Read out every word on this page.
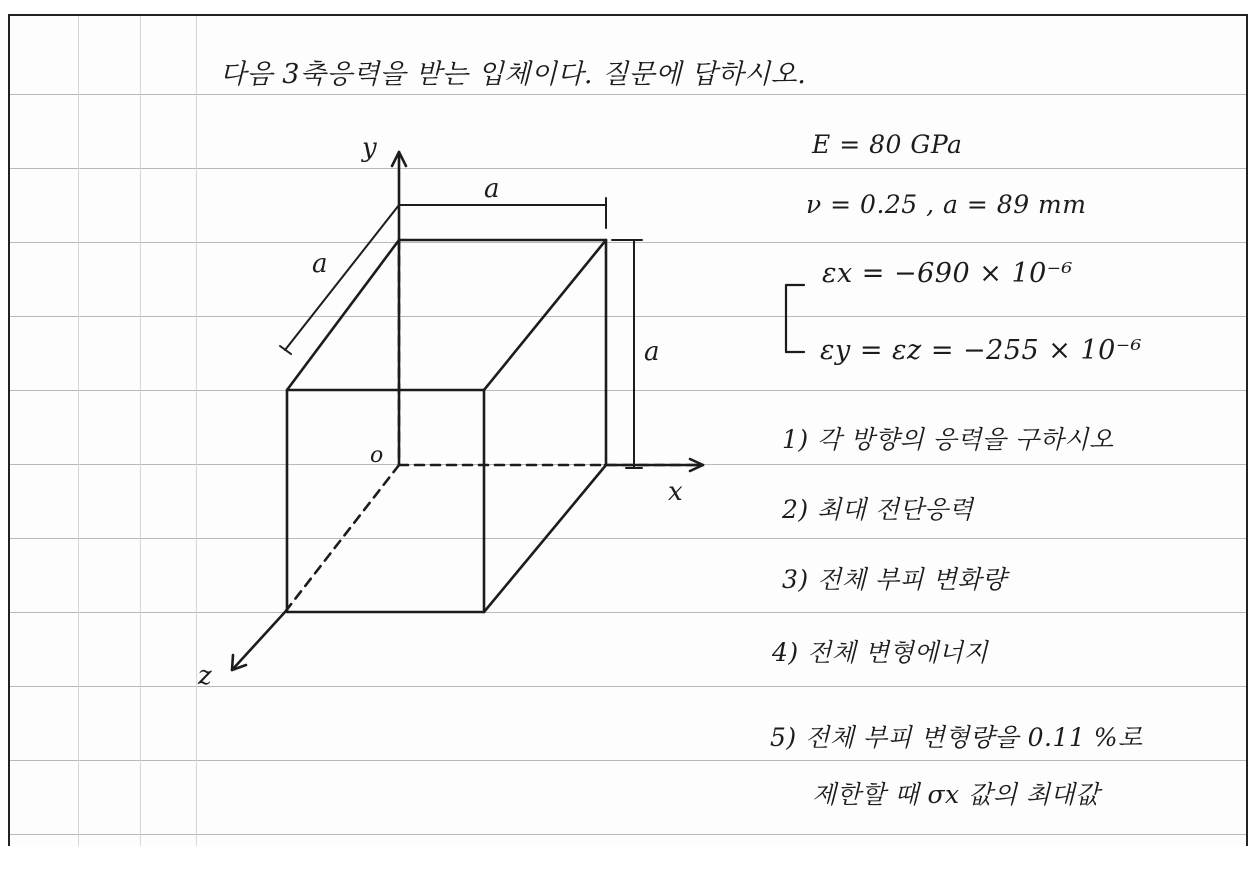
다음 3축응력을 받는 입체이다. 질문에 답하시오.
y
x
z
o
a
a
a
E = 80 GPa
ν = 0.25 , a = 89 mm
εx = −690 × 10⁻⁶
εy = εz = −255 × 10⁻⁶
1) 각 방향의 응력을 구하시오
2) 최대 전단응력
3) 전체 부피 변화량
4) 전체 변형에너지
5) 전체 부피 변형량을 0.11 %로
제한할 때 σx 값의 최대값
